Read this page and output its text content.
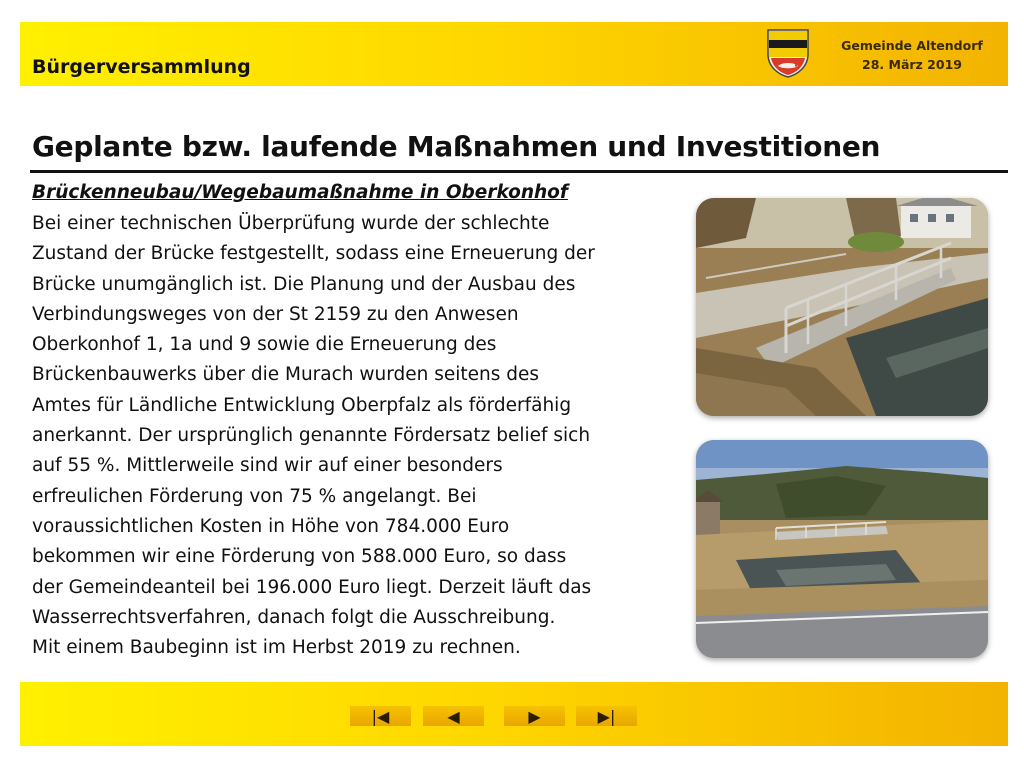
Bürgerversammlung
Gemeinde Altendorf
28. März 2019
Geplante bzw. laufende Maßnahmen und Investitionen
Brückenneubau/Wegebaumaßnahme in Oberkonhof
Bei einer technischen Überprüfung wurde der schlechte
Zustand der Brücke festgestellt, sodass eine Erneuerung der
Brücke unumgänglich ist. Die Planung und der Ausbau des
Verbindungsweges von der St 2159 zu den Anwesen
Oberkonhof 1, 1a und 9 sowie die Erneuerung des
Brückenbauwerks über die Murach wurden seitens des
Amtes für Ländliche Entwicklung Oberpfalz als förderfähig
anerkannt. Der ursprünglich genannte Fördersatz belief sich
auf 55 %. Mittlerweile sind wir auf einer besonders
erfreulichen Förderung von 75 % angelangt. Bei
voraussichtlichen Kosten in Höhe von 784.000 Euro
bekommen wir eine Förderung von 588.000 Euro, so dass
der Gemeindeanteil bei 196.000 Euro liegt. Derzeit läuft das
Wasserrechtsverfahren, danach folgt die Ausschreibung.
Mit einem Baubeginn ist im Herbst 2019 zu rechnen.
|◀	◀	▶	▶|
